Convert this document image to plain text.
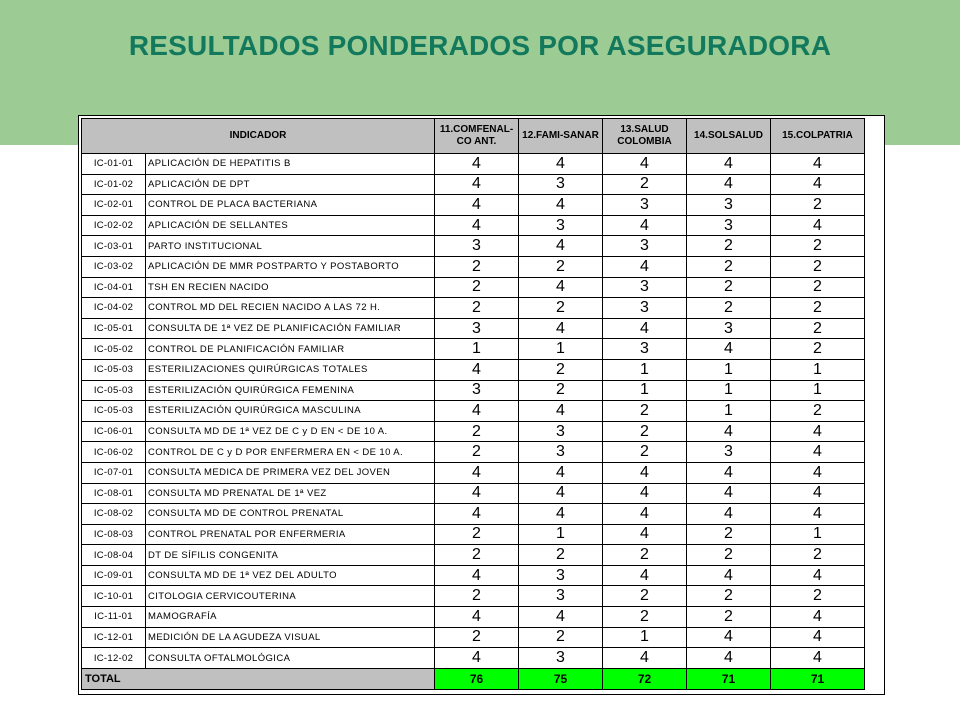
RESULTADOS PONDERADOS POR ASEGURADORA
INDICADOR		11.COMFENAL-CO ANT.	12.FAMI-SANAR	13.SALUD COLOMBIA	14.SOLSALUD	15.COLPATRIA
IC-01-01	APLICACIÓN DE HEPATITIS B	4	4	4	4	4
IC-01-02	APLICACIÓN DE DPT	4	3	2	4	4
IC-02-01	CONTROL DE PLACA BACTERIANA	4	4	3	3	2
IC-02-02	APLICACIÓN DE SELLANTES	4	3	4	3	4
IC-03-01	PARTO INSTITUCIONAL	3	4	3	2	2
IC-03-02	APLICACIÓN DE MMR POSTPARTO Y POSTABORTO	2	2	4	2	2
IC-04-01	TSH EN RECIEN NACIDO	2	4	3	2	2
IC-04-02	CONTROL MD DEL RECIEN NACIDO A LAS 72 H.	2	2	3	2	2
IC-05-01	CONSULTA DE 1ª VEZ DE PLANIFICACIÓN FAMILIAR	3	4	4	3	2
IC-05-02	CONTROL DE PLANIFICACIÓN FAMILIAR	1	1	3	4	2
IC-05-03	ESTERILIZACIONES QUIRÚRGICAS TOTALES	4	2	1	1	1
IC-05-03	ESTERILIZACIÓN QUIRÚRGICA FEMENINA	3	2	1	1	1
IC-05-03	ESTERILIZACIÓN QUIRÚRGICA MASCULINA	4	4	2	1	2
IC-06-01	CONSULTA MD DE 1ª VEZ DE C y D EN < DE 10 A.	2	3	2	4	4
IC-06-02	CONTROL DE C y D POR ENFERMERA EN < DE 10 A.	2	3	2	3	4
IC-07-01	CONSULTA MEDICA DE PRIMERA VEZ DEL JOVEN	4	4	4	4	4
IC-08-01	CONSULTA MD PRENATAL DE 1ª VEZ	4	4	4	4	4
IC-08-02	CONSULTA MD DE CONTROL PRENATAL	4	4	4	4	4
IC-08-03	CONTROL PRENATAL POR ENFERMERIA	2	1	4	2	1
IC-08-04	DT DE SÍFILIS CONGENITA	2	2	2	2	2
IC-09-01	CONSULTA MD DE 1ª VEZ DEL ADULTO	4	3	4	4	4
IC-10-01	CITOLOGIA CERVICOUTERINA	2	3	2	2	2
IC-11-01	MAMOGRAFÍA	4	4	2	2	4
IC-12-01	MEDICIÓN DE LA AGUDEZA VISUAL	2	2	1	4	4
IC-12-02	CONSULTA OFTALMOLÓGICA	4	3	4	4	4
TOTAL		76	75	72	71	71
